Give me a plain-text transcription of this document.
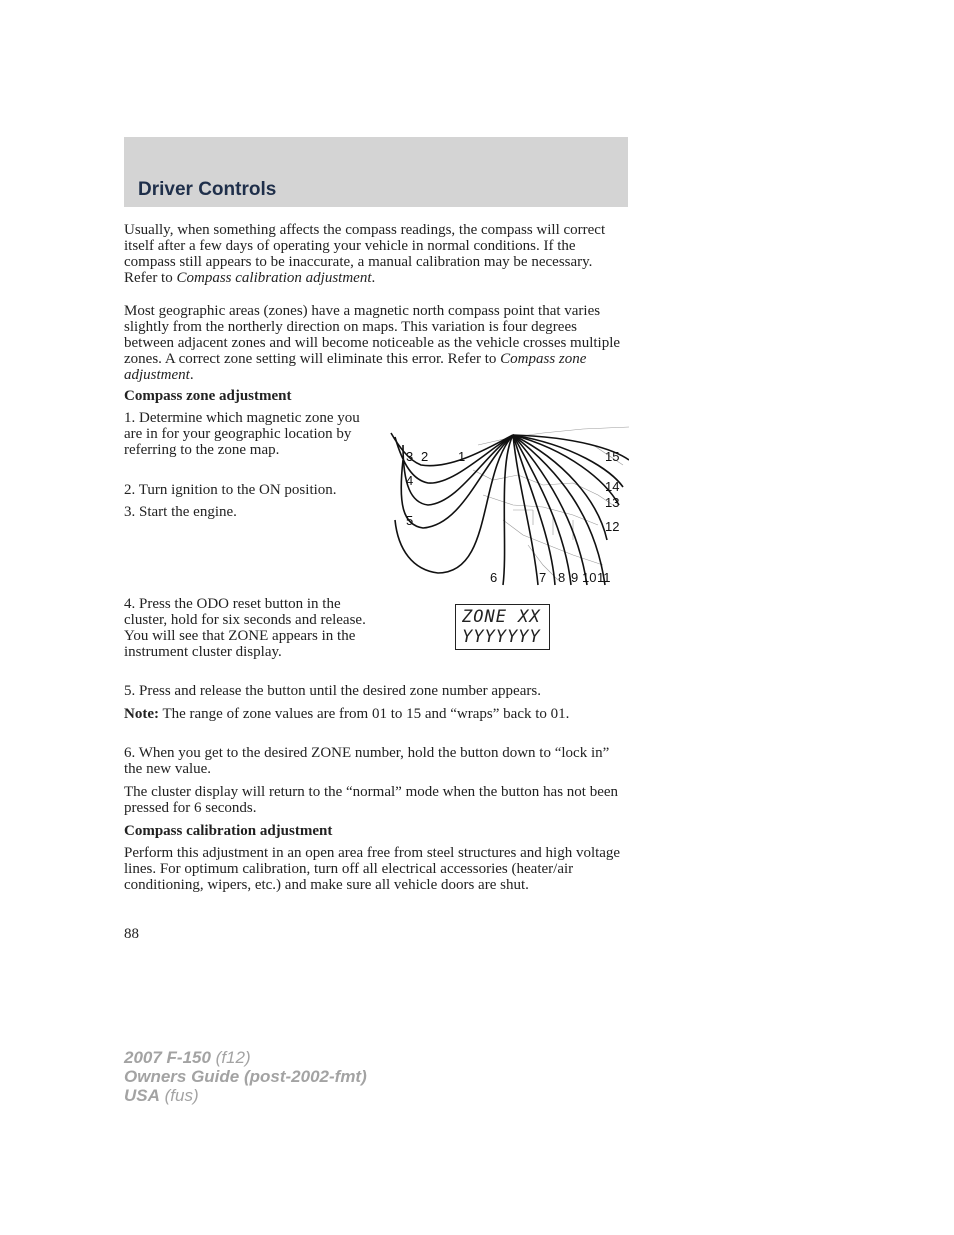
Driver Controls

Usually, when something affects the compass readings, the compass will correct itself after a few days of operating your vehicle in normal conditions. If the compass still appears to be inaccurate, a manual calibration may be necessary. Refer to Compass calibration adjustment.

Most geographic areas (zones) have a magnetic north compass point that varies slightly from the northerly direction on maps. This variation is four degrees between adjacent zones and will become noticeable as the vehicle crosses multiple zones. A correct zone setting will eliminate this error. Refer to Compass zone adjustment.

Compass zone adjustment

1. Determine which magnetic zone you are in for your geographic location by referring to the zone map.

2. Turn ignition to the ON position.

3. Start the engine.

1
2
3
4
5
6	7 8 9 10 11
12
13
14
15

4. Press the ODO reset button in the cluster, hold for six seconds and release. You will see that ZONE appears in the instrument cluster display.

ZONE XX
YYYYYYY

5. Press and release the button until the desired zone number appears.

Note: The range of zone values are from 01 to 15 and “wraps” back to 01.

6. When you get to the desired ZONE number, hold the button down to “lock in” the new value.

The cluster display will return to the “normal” mode when the button has not been pressed for 6 seconds.

Compass calibration adjustment

Perform this adjustment in an open area free from steel structures and high voltage lines. For optimum calibration, turn off all electrical accessories (heater/air conditioning, wipers, etc.) and make sure all vehicle doors are shut.

88
2007 F-150 (f12)
Owners Guide (post-2002-fmt)
USA (fus)
